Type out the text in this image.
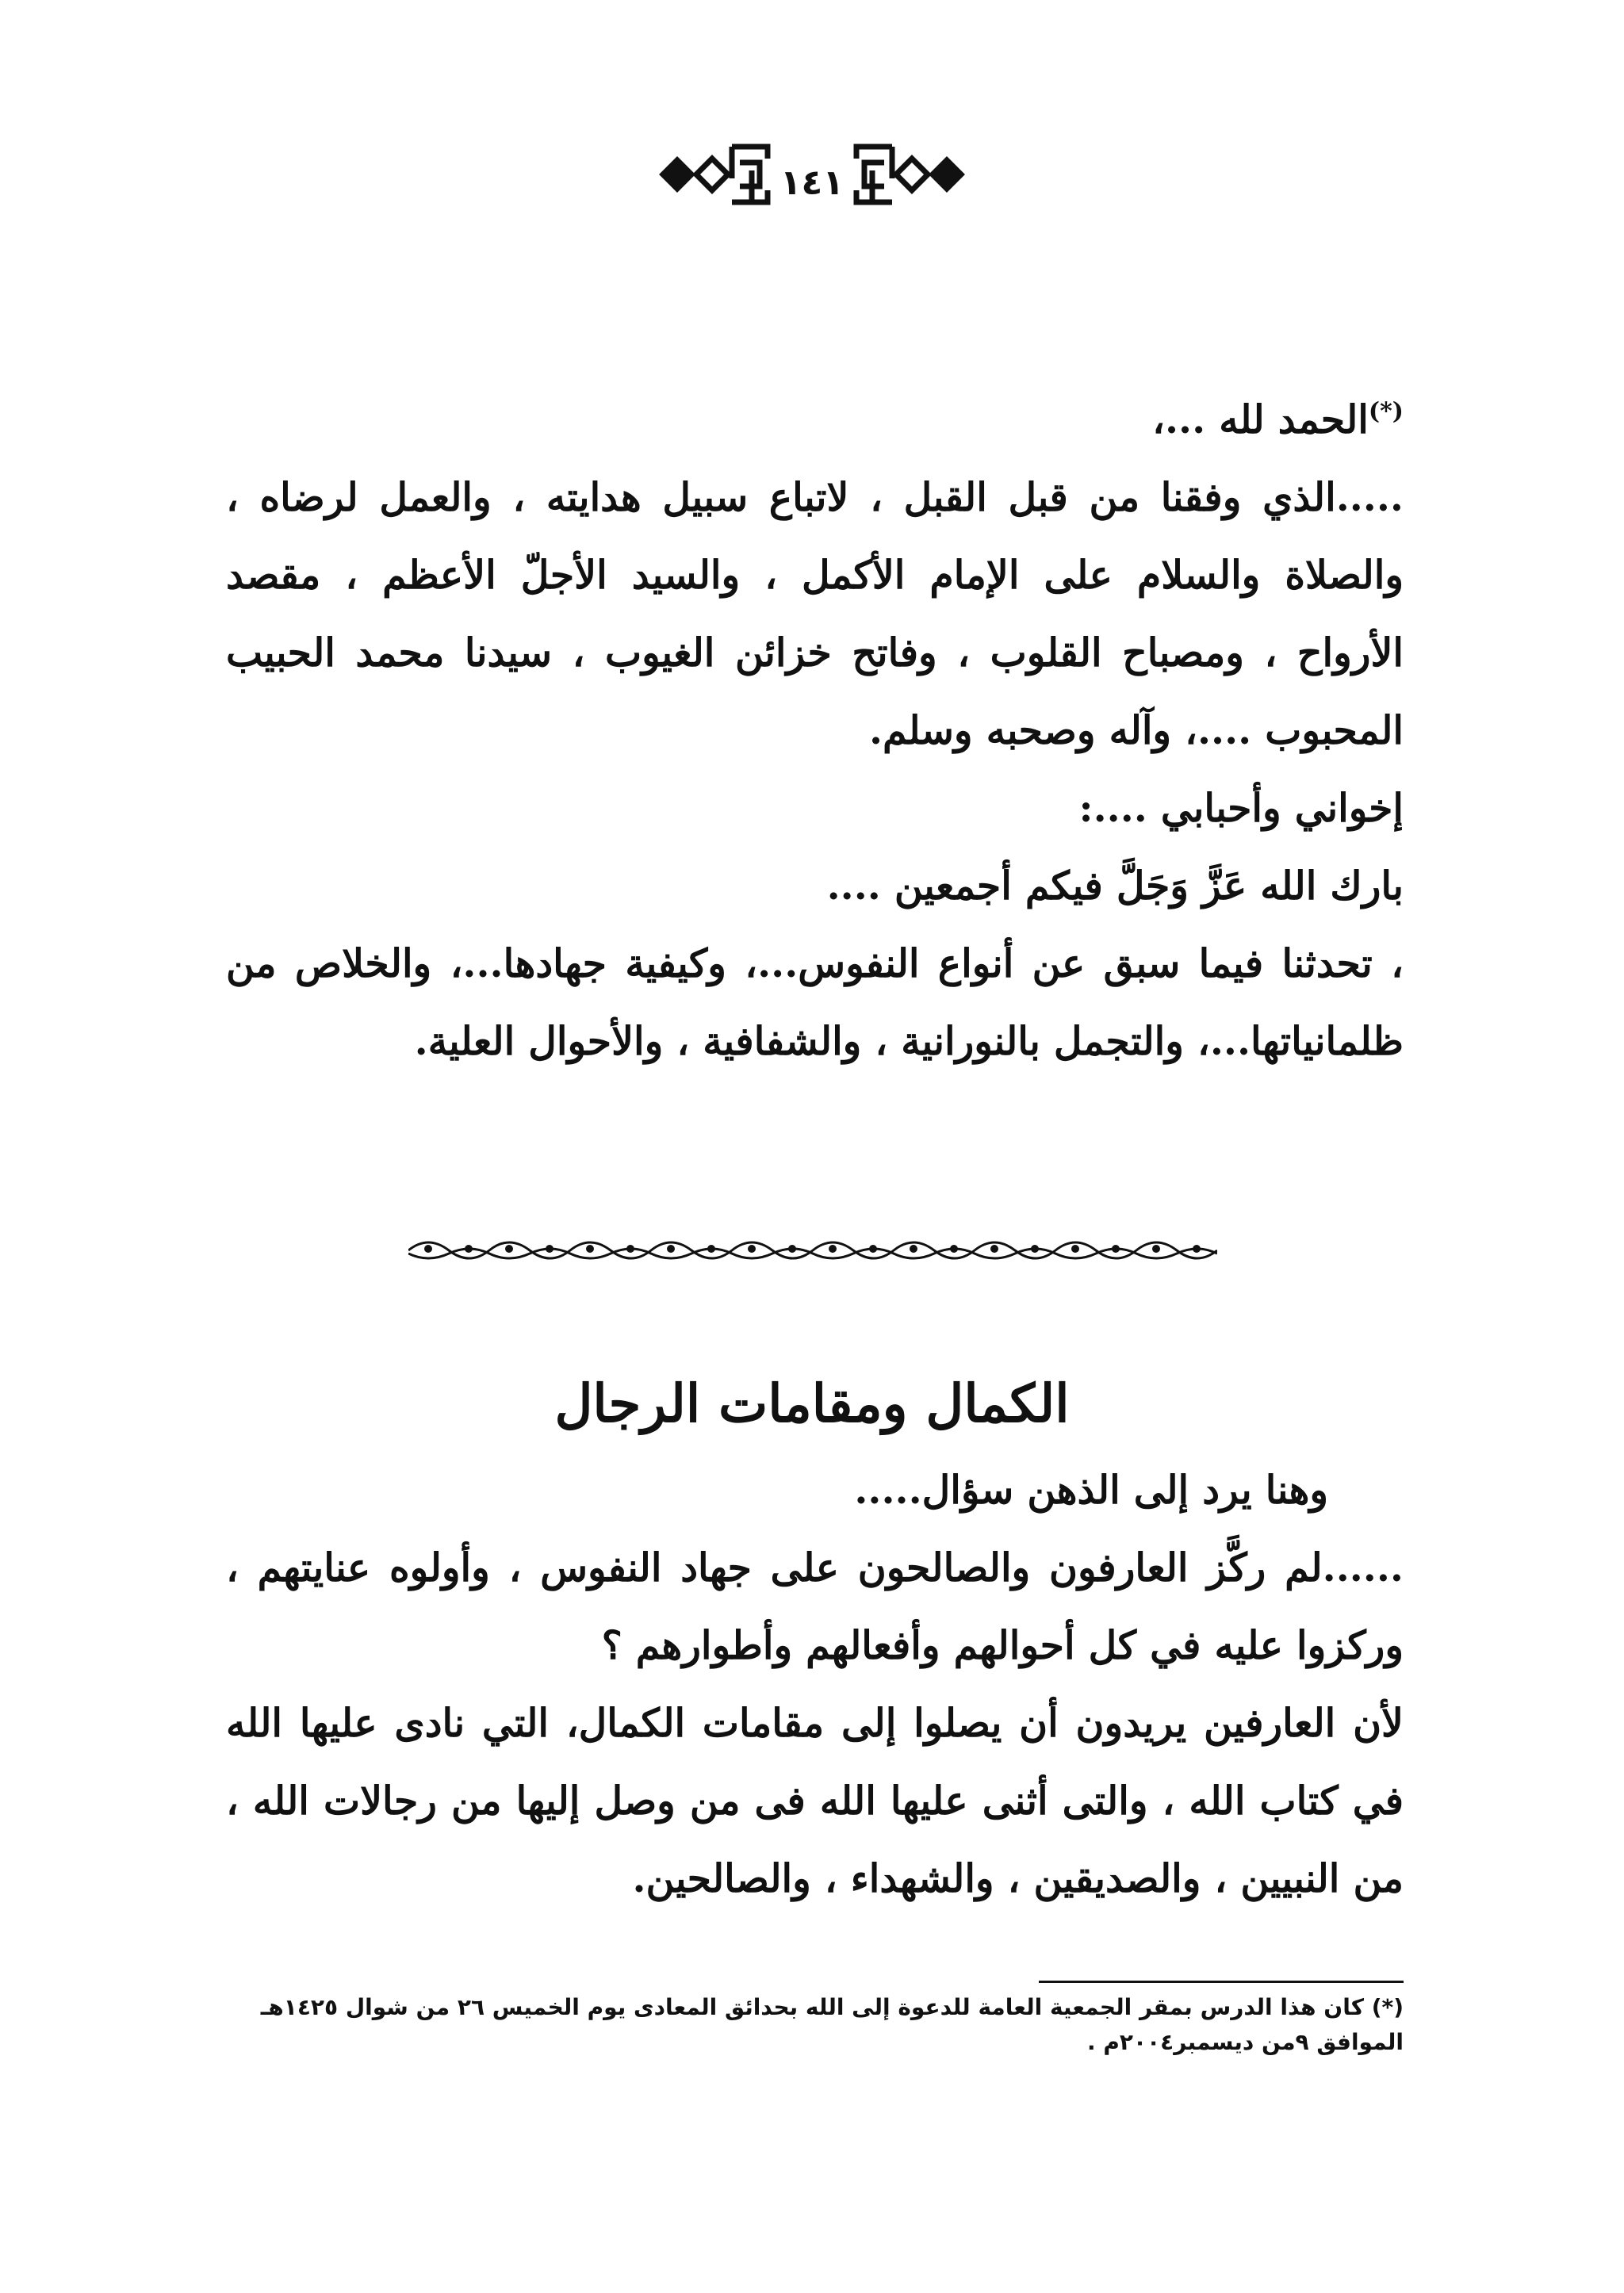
١٤١

(*)الحمد لله ...،

.....الذي وفقنا من قبل القبل ، لاتباع سبيل هدايته ، والعمل لرضاه ، والصلاة والسلام على الإمام الأكمل ، والسيد الأجلّ الأعظم ، مقصد الأرواح ، ومصباح القلوب ، وفاتح خزائن الغيوب ، سيدنا محمد الحبيب المحبوب ....، وآله وصحبه وسلم.

إخواني وأحبابي ....:

بارك الله عَزَّ وَجَلَّ فيكم أجمعين ....

، تحدثنا فيما سبق عن أنواع النفوس...، وكيفية جهادها...، والخلاص من ظلمانياتها...، والتجمل بالنورانية ، والشفافية ، والأحوال العلية.

الكمال ومقامات الرجال

وهنا يرد إلى الذهن سؤال.....

......لم ركَّز العارفون والصالحون على جهاد النفوس ، وأولوه عنايتهم ، وركزوا عليه في كل أحوالهم وأفعالهم وأطوارهم ؟

لأن العارفين يريدون أن يصلوا إلى مقامات الكمال، التي نادى عليها الله في كتاب الله ، والتى أثنى عليها الله فى من وصل إليها من رجالات الله ، من النبيين ، والصديقين ، والشهداء ، والصالحين.

(*) كان هذا الدرس بمقر الجمعية العامة للدعوة إلى الله بحدائق المعادى يوم الخميس ٢٦ من شوال ١٤٢٥هـ

الموافق ٩من ديسمبر٢٠٠٤م .
